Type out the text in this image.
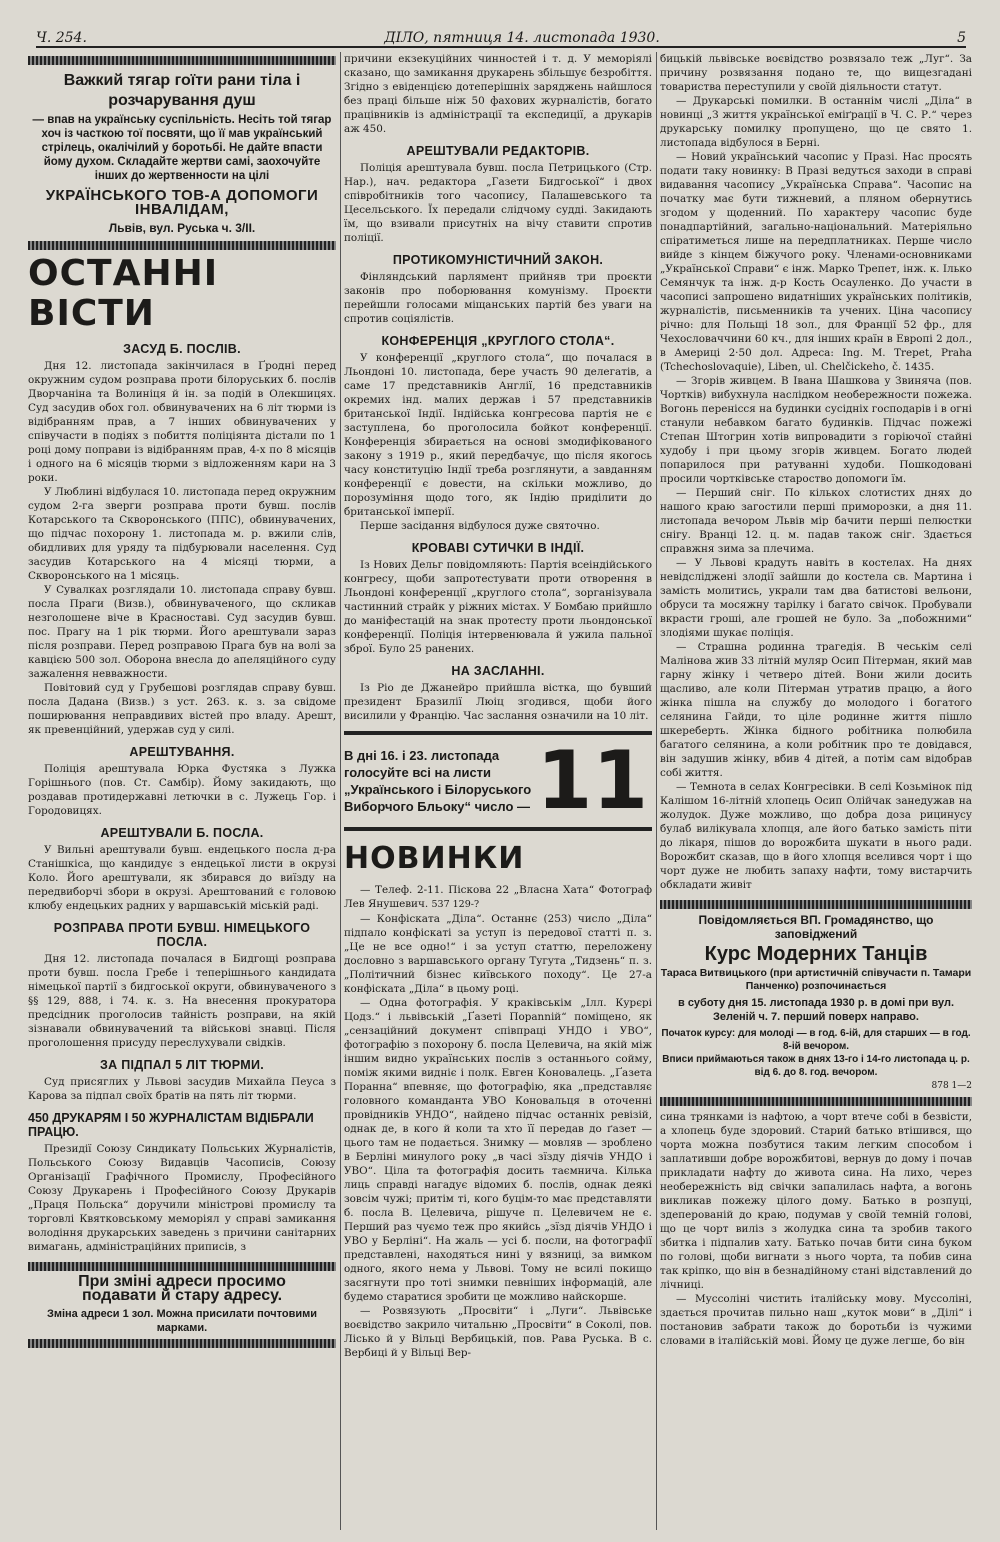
Ч. 254.	ДІЛО, пятниця 14. листопада 1930.	5
Важкий тягар гоїти рани тіла і розчарування душ
— впав на українську суспільність. Несіть той тягар хоч із часткою тої посвяти, що її мав український стрілець, окалічілий у боротьбі. Не дайте впасти йому духом. Складайте жертви самі, заохочуйте інших до жертвенности на цілі
УКРАЇНСЬКОГО ТОВ-А ДОПОМОГИ ІНВАЛІДАМ,
Львів, вул. Руська ч. 3/ІІ.
ОСТАННІ ВІСТИ
ЗАСУД Б. ПОСЛІВ.

Дня 12. листопада закінчилася в Ґродні перед окружним судом розправа проти білоруських б. послів Дворчаніна та Волиніця й ін. за подій в Олекшицях. Суд засудив обох гол. обвинувачених на 6 літ тюрми із відібранням прав, а 7 інших обвинувачених у співучасти в подіях з побиття поліціянта дістали по 1 році дому поправи із відібранням прав, 4-х по 8 місяців і одного на 6 місяців тюрми з відложенням кари на 3 роки.

У Люблині відбулася 10. листопада перед окружним судом 2-га зверги розправа проти бувш. послів Котарського та Скворонського (ППС), обвинувачених, що підчас похорону 1. листопада м. р. вжили слів, обидливих для уряду та підбурювали населення. Суд засудив Котарського на 4 місяці тюрми, а Скворонського на 1 місяць.

У Сувалках розглядали 10. листопада справу бувш. посла Праги (Визв.), обвинуваченого, що скликав незголошене віче в Красноставі. Суд засудив бувш. пос. Прагу на 1 рік тюрми. Його арештували зараз після розправи. Перед розправою Прага був на волі за кавцією 500 зол. Оборона внесла до апеляційного суду зажалення невважности.

Повітовий суд у Грубешові розглядав справу бувш. посла Дадана (Визв.) з уст. 263. к. з. за свідоме поширювання неправдивих вістей про владу. Арешт, як превенційний, удержав суд у силі.

АРЕШТУВАННЯ.

Поліція арештувала Юрка Фустяка з Лужка Горішнього (пов. Ст. Самбір). Йому закидають, що роздавав протидержавні летючки в с. Лужець Гор. і Городовицях.

АРЕШТУВАЛИ Б. ПОСЛА.

У Вильні арештували бувш. ендецького посла д-ра Станішкіса, що кандидує з ендецької листи в окрузі Коло. Його арештували, як збирався до виїзду на передвиборчі збори в окрузі. Арештований є головою клюбу ендецьких радних у варшавській міській раді.

РОЗПРАВА ПРОТИ БУВШ. НІМЕЦЬКОГО ПОСЛА.

Дня 12. листопада почалася в Бидгощі розправа проти бувш. посла Гребе і теперішнього кандидата німецької партії з бидгоської округи, обвинуваченого з §§ 129, 888, і 74. к. з. На внесення прокуратора предсідник проголосив тайність розправи, на якій зізнавали обвинувачений та військові знавці. Після проголошення присуду переслухували свідків.

ЗА ПІДПАЛ 5 ЛІТ ТЮРМИ.

Суд присяглих у Львові засудив Михайла Пеуса з Карова за підпал своїх братів на пять літ тюрми.

450 ДРУКАРЯМ І 50 ЖУРНАЛІСТАМ ВІДІБРАЛИ ПРАЦЮ.

Президії Союзу Синдикату Польських Журналістів, Польського Союзу Видавців Часописів, Союзу Організації Графічного Промислу, Професійного Союзу Друкарень і Професійного Союзу Друкарів „Праця Польска“ доручили міністрові промислу та торговлі Квятковському меморіял у справі замикання володіння друкарських заведень з причини санітарних вимагань, адміністраційних приписів, з

При зміні адреси просимо
подавати й стару адресу.
Зміна адреси 1 зол. Можна присилати почтовими марками.

причини екзекуційних чинностей і т. д. У меморіялі сказано, що замикання друкарень збільшує безробіття. Згідно з евіденцією дотеперішніх заряджень найшлося без праці більше ніж 50 фахових журналістів, богато працівників із адміністрації та експедиції, а друкарів аж 450.

АРЕШТУВАЛИ РЕДАКТОРІВ.

Поліція арештувала бувш. посла Петрицького (Стр. Нар.), нач. редактора „Газети Бидгоської“ і двох співробітників того часопису, Палашевського та Цесельського. Їх передали слідчому судді. Закидають їм, що взивали присутніх на вічу ставити спротив поліції.

ПРОТИКОМУНІСТИЧНИЙ ЗАКОН.

Фінляндський парлямент прийняв три проєкти законів про поборювання комунізму. Проєкти перейшли голосами міщанських партій без уваги на спротив соціялістів.

КОНФЕРЕНЦІЯ „КРУГЛОГО СТОЛА“.

У конференції „круглого стола“, що почалася в Льондоні 10. листопада, бере участь 90 делегатів, а саме 17 представників Англії, 16 представників окремих інд. малих держав і 57 представників британської Індії. Індійська конгресова партія не є заступлена, бо проголосила бойкот конференції. Конференція збирається на основі змодифікованого закону з 1919 р., який передбачує, що після якогось часу конституцію Індії треба розглянути, а завданням конференції є довести, на скільки можливо, до порозуміння щодо того, як Індію приділити до британської імперії.

Перше засідання відбулося дуже святочно.

КРОВАВІ СУТИЧКИ В ІНДІЇ.

Із Нових Дельг повідомляють: Партія всеіндійського конгресу, щоби запротестувати проти отворення в Льондоні конференції „круглого стола“, зорганізувала частинний страйк у ріжних містах. У Бомбаю прийшло до маніфестацій на знак протесту проти льондонської конференції. Поліція інтервенювала й ужила пальної зброї. Було 25 ранених.

НА ЗАСЛАННІ.

Із Ріо де Джанейро прийшла вістка, що бувший президент Бразилії Люіц згодився, щоби його висилили у Францію. Час заслання означили на 10 літ.

В дні 16. і 23. листопада голосуйте всі на листи „Українського і Білоруського Виборчого Бльоку“ число — 11
НОВИНКИ

— Телеф. 2-11. Піскова 22 „Власна Хата“ Фотограф Лев Янушевич. 537 129-?

— Конфіската „Діла“. Останнє (253) число „Діла“ підпало конфіскаті за уступ із передової статті п. з. „Це не все одно!“ і за уступ статтю, переложену дословно з варшавського органу Тугута „Тидзень“ п. з. „Політичний бізнес київського походу“. Це 27-а конфіската „Діла“ в цьому році.

— Одна фотографія. У краківськім „Ілл. Курєрі Цодз.“ і львівській „Ґазеті Порannій“ поміщено, як „сензаційний документ співпраці УНДО і УВО“, фотографію з похорону б. посла Целевича, на якій між іншим видно українських послів з останнього сойму, поміж якими видніє і полк. Евген Коновалець. „Ґазета Поранна“ впевняє, що фотографію, яка „представляє головного команданта УВО Коновальця в оточенні провідників УНДО“, найдено підчас останніх ревізій, однак де, в кого й коли та хто її передав до ґазет — цього там не подається. Знимку — мовляв — зроблено в Берліні минулого року „в часі зїзду діячів УНДО і УВО“. Ціла та фотографія досить таємнича. Кілька лиць справді нагадує відомих б. послів, однак деякі зовсім чужі; притім ті, кого буцім-то має представляти б. посла В. Целевича, рішуче п. Целевичем не є. Перший раз чуємо теж про якийсь „зїзд діячів УНДО і УВО у Берліні“. На жаль — усі б. посли, на фотографії представлені, находяться нині у вязниці, за вимком одного, якого нема у Львові. Тому не всилі покищо засягнути про тоті знимки певніших інформацій, але будемо старатися зробити це можливо найскорше.

— Розвязують „Просвіти“ і „Луги“. Львівське воєвідство закрило читальню „Просвіти“ в Соколі, пов. Лісько й у Вільці Вербицькій, пов. Рава Руська. В с. Вербиці й у Вільці Вер-

бицькій львівське воєвідство розвязало теж „Луг“. За причину розвязання подано те, що вищезгадані товариства переступили у своїй діяльности статут.

— Друкарські помилки. В останнім числі „Діла“ в новинці „З життя української еміґрації в Ч. С. Р.“ через друкарську помилку пропущено, що це свято 1. листопада відбулося в Берні.

— Новий український часопис у Празі. Нас просять подати таку новинку: В Празі ведуться заходи в справі видавання часопису „Українська Справа“. Часопис на початку має бути тижневий, а пляном обернутись згодом у щоденний. По характеру часопис буде понадпартійний, загально-національний. Матеріяльно спіратиметься лише на передплатниках. Перше число вийде з кінцем біжучого року. Членами-основниками „Української Справи“ є інж. Марко Трепет, інж. к. Ілько Семянчук та інж. д-р Кость Осауленко. До участи в часописі запрошено видатніших українських політиків, журналістів, письменників та учених. Ціна часопису річно: для Польщі 18 зол., для Франції 52 фр., для Чехословаччини 60 кч., для інших країн в Европі 2 дол., в Америці 2·50 дол. Адреса: Ing. M. Trepet, Praha (Tchechoslovaquie), Liben, ul. Chelčickeho, č. 1435.

— Згорів живцем. В Івана Шашкова у Звиняча (пов. Чортків) вибухнула наслідком необережности пожежа. Вогонь перенісся на будинки сусідніх господарів і в огні станули небавком багато будинків. Підчас пожежі Степан Штогрин хотів випровадити з горіючої стайні худобу і при цьому згорів живцем. Богато людей попарилося при ратуванні худоби. Пошкодовані просили чортківське староство допомоги їм.

— Перший сніг. По кількох слотистих днях до нашого краю загостили перші приморозки, а дня 11. листопада вечором Львів мір бачити перші пелюстки снігу. Вранці 12. ц. м. падав також сніг. Здається справжня зима за плечима.

— У Львові крадуть навіть в костелах. На днях невідсліджені злодії зайшли до костела св. Мартина і замість молитись, украли там два батистові вельони, обруси та мосяжну тарілку і багато свічок. Пробували вкрасти гроші, але грошей не було. За „побожними“ злодіями шукає поліція.

— Страшна родинна трагедія. В чеськім селі Малінова жив 33 літній муляр Осип Пітерман, який мав гарну жінку і четверо дітей. Вони жили досить щасливо, але коли Пітерман утратив працю, а його жінка пішла на службу до молодого і богатого селянина Гайди, то ціле родинне життя пішло шкереберть. Жінка бідного робітника полюбила багатого селянина, а коли робітник про те довідався, він задушив жінку, вбив 4 дітей, а потім сам відобрав собі життя.

— Темнота в селах Конгресівки. В селі Козьмінок під Калішом 16-літній хлопець Осип Олійчак занедужав на жолудок. Дуже можливо, що добра доза рицинусу булаб вилікувала хлопця, але його батько замість піти до лікаря, пішов до ворожбита шукати в нього ради. Ворожбит сказав, що в його хлопця вселився чорт і що чорт дуже не любить запаху нафти, тому вистарчить обкладати живіт

Повідомляється ВП. Громадянство, що заповіджений
Курс Модерних Танців
Тараса Витвицького (при артистичній співучасти п. Тамари Панченко) розпочинається
в суботу дня 15. листопада 1930 р. в домі при вул. Зеленій ч. 7. перший поверх направо.
Початок курсу: для молоді — в год. 6-ій, для старших — в год. 8-ій вечором.
Вписи приймаються також в днях 13-го і 14-го листопада ц. р. від 6. до 8. год. вечором.
878 1—2

сина трянками із нафтою, а чорт втече собі в безвісти, а хлопець буде здоровий. Старий батько втішився, що чорта можна позбутися таким легким способом і заплативши добре ворожбитові, вернув до дому і почав прикладати нафту до живота сина. На лихо, через необережність від свічки запалилась нафта, а вогонь викликав пожежу цілого дому. Батько в розпуці, здеперованій до краю, подумав у своїй темній голові, що це чорт виліз з жолудка сина та зробив такого збитка і підпалив хату. Батько почав бити сина буком по голові, щоби вигнати з нього чорта, та побив сина так кріпко, що він в безнадійному стані відставлений до лічниці.

— Муссоліні чистить італійську мову. Муссоліні, здається прочитав пильно наш „куток мови“ в „Ділі“ і постановив забрати також до боротьби із чужими словами в італійській мові. Йому це дуже легше, бо він
